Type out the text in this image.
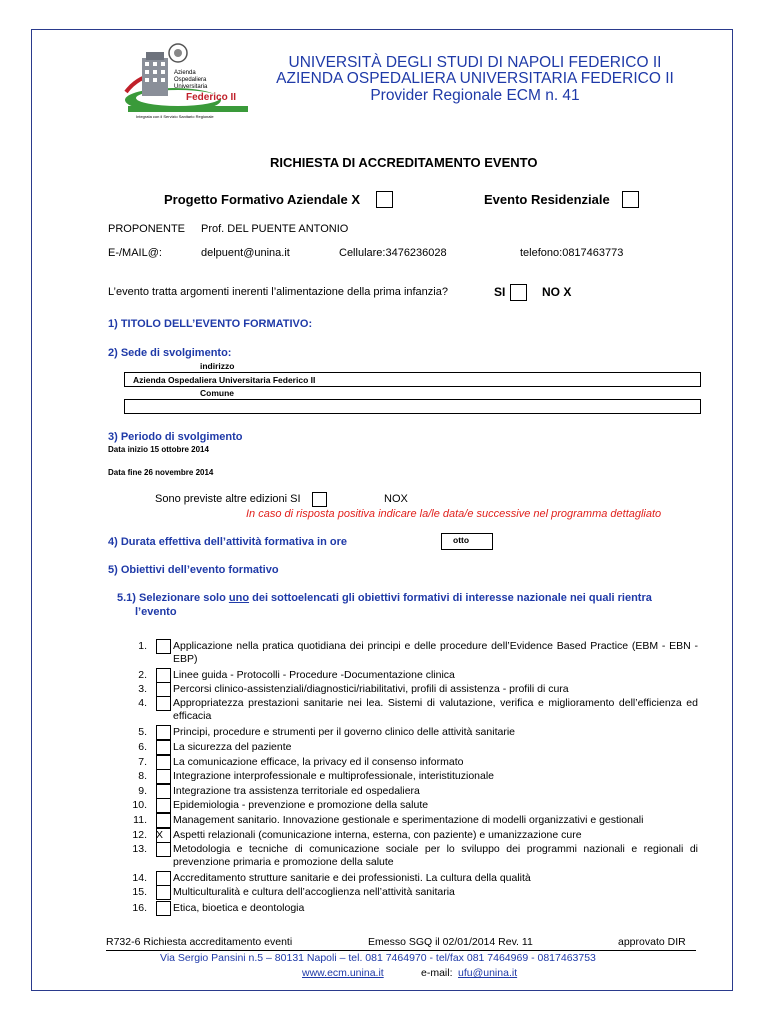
Azienda
Ospedaliera
Universitaria
Federico II
Integrata con il Servizio Sanitario Regionale
UNIVERSITÀ DEGLI STUDI DI NAPOLI FEDERICO II
AZIENDA OSPEDALIERA UNIVERSITARIA FEDERICO II
Provider Regionale ECM n. 41
RICHIESTA DI ACCREDITAMENTO EVENTO
Progetto Formativo Aziendale X	Evento Residenziale
PROPONENTE Prof. DEL PUENTE ANTONIO
E-/MAIL@:	delpuent@unina.it	Cellulare:3476236028	telefono:0817463773
L’evento tratta argomenti inerenti l’alimentazione della prima infanzia?	SI	NO X
1) TITOLO DELL’EVENTO FORMATIVO:
2) Sede di svolgimento:
indirizzo
Azienda Ospedaliera Universitaria Federico II
Comune
3) Periodo di svolgimento
Data inizio 15 ottobre 2014
Data fine 26 novembre 2014
Sono previste altre edizioni SI	NOX
In caso di risposta positiva indicare la/le data/e successive nel programma dettagliato
4) Durata effettiva dell’attività formativa in ore	otto
5) Obiettivi dell’evento formativo
5.1) Selezionare solo uno dei sottoelencati gli obiettivi formativi di interesse nazionale nei quali rientra
l’evento
1. Applicazione nella pratica quotidiana dei principi e delle procedure dell’Evidence Based Practice (EBM - EBN - EBP)
2. Linee guida - Protocolli - Procedure -Documentazione clinica
3. Percorsi clinico-assistenziali/diagnostici/riabilitativi, profili di assistenza - profili di cura
4. Appropriatezza prestazioni sanitarie nei lea. Sistemi di valutazione, verifica e miglioramento dell’efficienza ed efficacia
5. Principi, procedure e strumenti per il governo clinico delle attività sanitarie
6. La sicurezza del paziente
7. La comunicazione efficace, la privacy ed il consenso informato
8. Integrazione interprofessionale e multiprofessionale, interistituzionale
9. Integrazione tra assistenza territoriale ed ospedaliera
10. Epidemiologia - prevenzione e promozione della salute
11. Management sanitario. Innovazione gestionale e sperimentazione di modelli organizzativi e gestionali
12. X Aspetti relazionali (comunicazione interna, esterna, con paziente) e umanizzazione cure
13. Metodologia e tecniche di comunicazione sociale per lo sviluppo dei programmi nazionali e regionali di prevenzione primaria e promozione della salute
14. Accreditamento strutture sanitarie e dei professionisti. La cultura della qualità
15. Multiculturalità e cultura dell’accoglienza nell’attività sanitaria
16. Etica, bioetica e deontologia
R732-6 Richiesta accreditamento eventi	Emesso SGQ il 02/01/2014 Rev. 11	approvato DIR
Via Sergio Pansini n.5 – 80131 Napoli – tel. 081 7464970 - tel/fax 081 7464969 - 0817463753
www.ecm.unina.it	e-mail: ufu@unina.it
